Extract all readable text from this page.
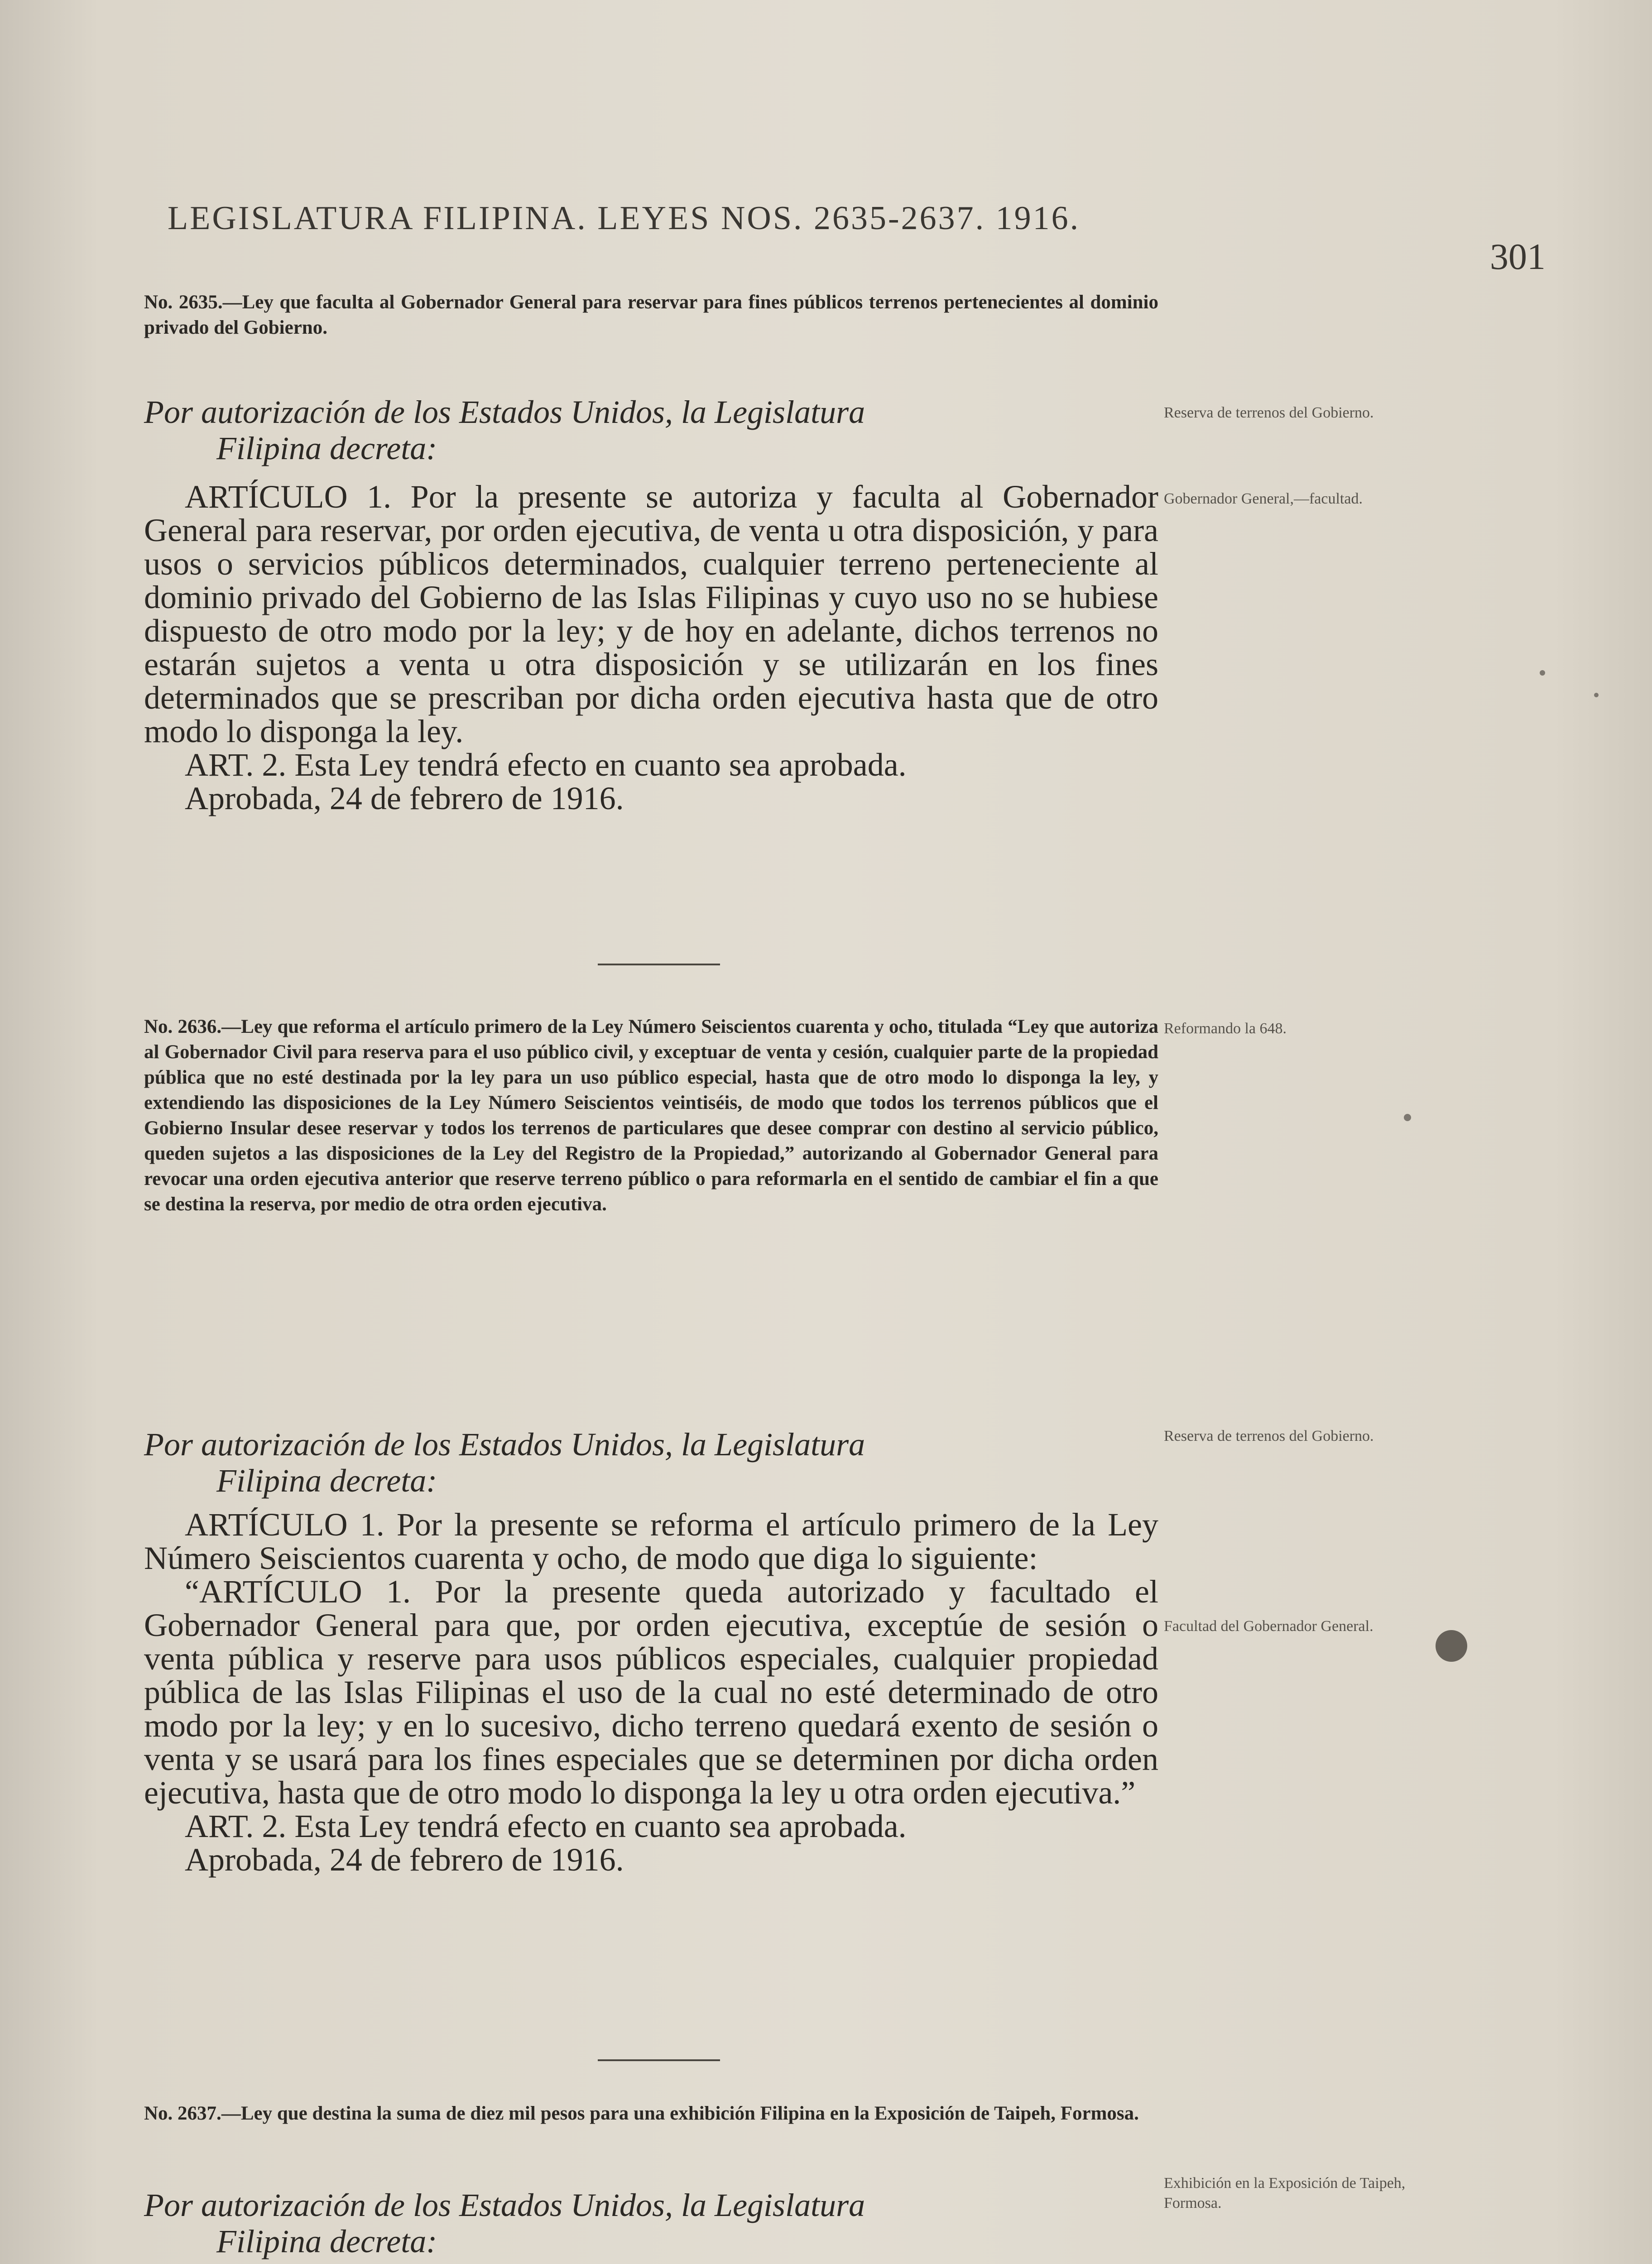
LEGISLATURA FILIPINA. LEYES NOS. 2635-2637. 1916.
301
No. 2635.—Ley que faculta al Gobernador General para reservar para fines públicos terrenos pertenecientes al dominio privado del Gobierno.
Por autorización de los Estados Unidos, la Legislatura
Filipina decreta:
Reserva de terrenos del Gobierno.

ARTÍCULO 1. Por la presente se autoriza y faculta al Gobernador General para reservar, por orden ejecutiva, de venta u otra disposición, y para usos o servicios públicos determinados, cualquier terreno perteneciente al dominio privado del Gobierno de las Islas Filipinas y cuyo uso no se hubiese dispuesto de otro modo por la ley; y de hoy en adelante, dichos terrenos no estarán sujetos a venta u otra disposición y se utilizarán en los fines determinados que se prescriban por dicha orden ejecutiva hasta que de otro modo lo disponga la ley.

ART. 2. Esta Ley tendrá efecto en cuanto sea aprobada.

Aprobada, 24 de febrero de 1916.

Gobernador General,—facultad.
No. 2636.—Ley que reforma el artículo primero de la Ley Número Seiscientos cuarenta y ocho, titulada “Ley que autoriza al Gobernador Civil para reserva para el uso público civil, y exceptuar de venta y cesión, cualquier parte de la propiedad pública que no esté destinada por la ley para un uso público especial, hasta que de otro modo lo disponga la ley, y extendiendo las disposiciones de la Ley Número Seiscientos veintiséis, de modo que todos los terrenos públicos que el Gobierno Insular desee reservar y todos los terrenos de particulares que desee comprar con destino al servicio público, queden sujetos a las disposiciones de la Ley del Registro de la Propiedad,” autorizando al Gobernador General para revocar una orden ejecutiva anterior que reserve terreno público o para reformarla en el sentido de cambiar el fin a que se destina la reserva, por medio de otra orden ejecutiva.
Reformando la 648.
Por autorización de los Estados Unidos, la Legislatura
Filipina decreta:
Reserva de terrenos del Gobierno.

ARTÍCULO 1. Por la presente se reforma el artículo primero de la Ley Número Seiscientos cuarenta y ocho, de modo que diga lo siguiente:

“ARTÍCULO 1. Por la presente queda autorizado y facultado el Gobernador General para que, por orden ejecutiva, exceptúe de sesión o venta pública y reserve para usos públicos especiales, cualquier propiedad pública de las Islas Filipinas el uso de la cual no esté determinado de otro modo por la ley; y en lo sucesivo, dicho terreno quedará exento de sesión o venta y se usará para los fines especiales que se determinen por dicha orden ejecutiva, hasta que de otro modo lo disponga la ley u otra orden ejecutiva.”

ART. 2. Esta Ley tendrá efecto en cuanto sea aprobada.

Aprobada, 24 de febrero de 1916.

Facultad del Gobernador General.
No. 2637.—Ley que destina la suma de diez mil pesos para una exhibición Filipina en la Exposición de Taipeh, Formosa.
Por autorización de los Estados Unidos, la Legislatura
Filipina decreta:
Exhibición en la Exposición de Taipeh, Formosa.
